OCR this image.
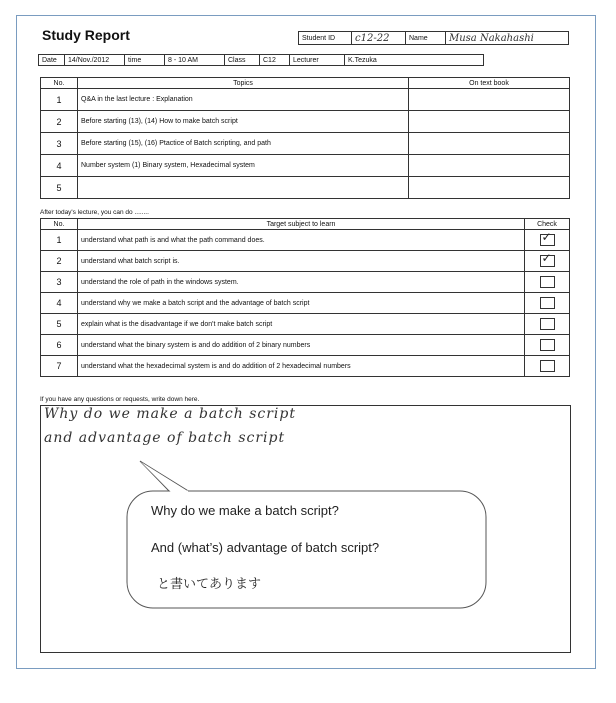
Study Report	Student ID	c12-22	Name	Musa Nakahashi
Date	14/Nov./2012	time	8 - 10 AM	Class	C12	Lecturer	K.Tezuka
No.	Topics	On text book
1	Q&A in the last lecture : Explanation	
2	Before starting (13), (14) How to make batch script	
3	Before starting (15), (16) Ptactice of Batch scripting, and path	
4	Number system (1) Binary system, Hexadecimal system	
5		
After today's lecture, you can do ........
No.	Target subject to learn	Check
1	understand what path is and what the path command does.	✓

2	understand what batch script is.	✓

3	understand the role of path in the windows system.	
4	understand why we make a batch script and the advantage of batch script	
5	explain what is the disadvantage if we don't make batch script	
6	understand what the binary system is and do addition of 2 binary numbers	
7	understand what the hexadecimal system is and do addition of 2 hexadecimal numbers	
If you have any questions or requests, write down here.
Why do we make a batch script
and advantage of batch script
Why do we make a batch script?
And (what’s) advantage of batch script?
と書いてあります
